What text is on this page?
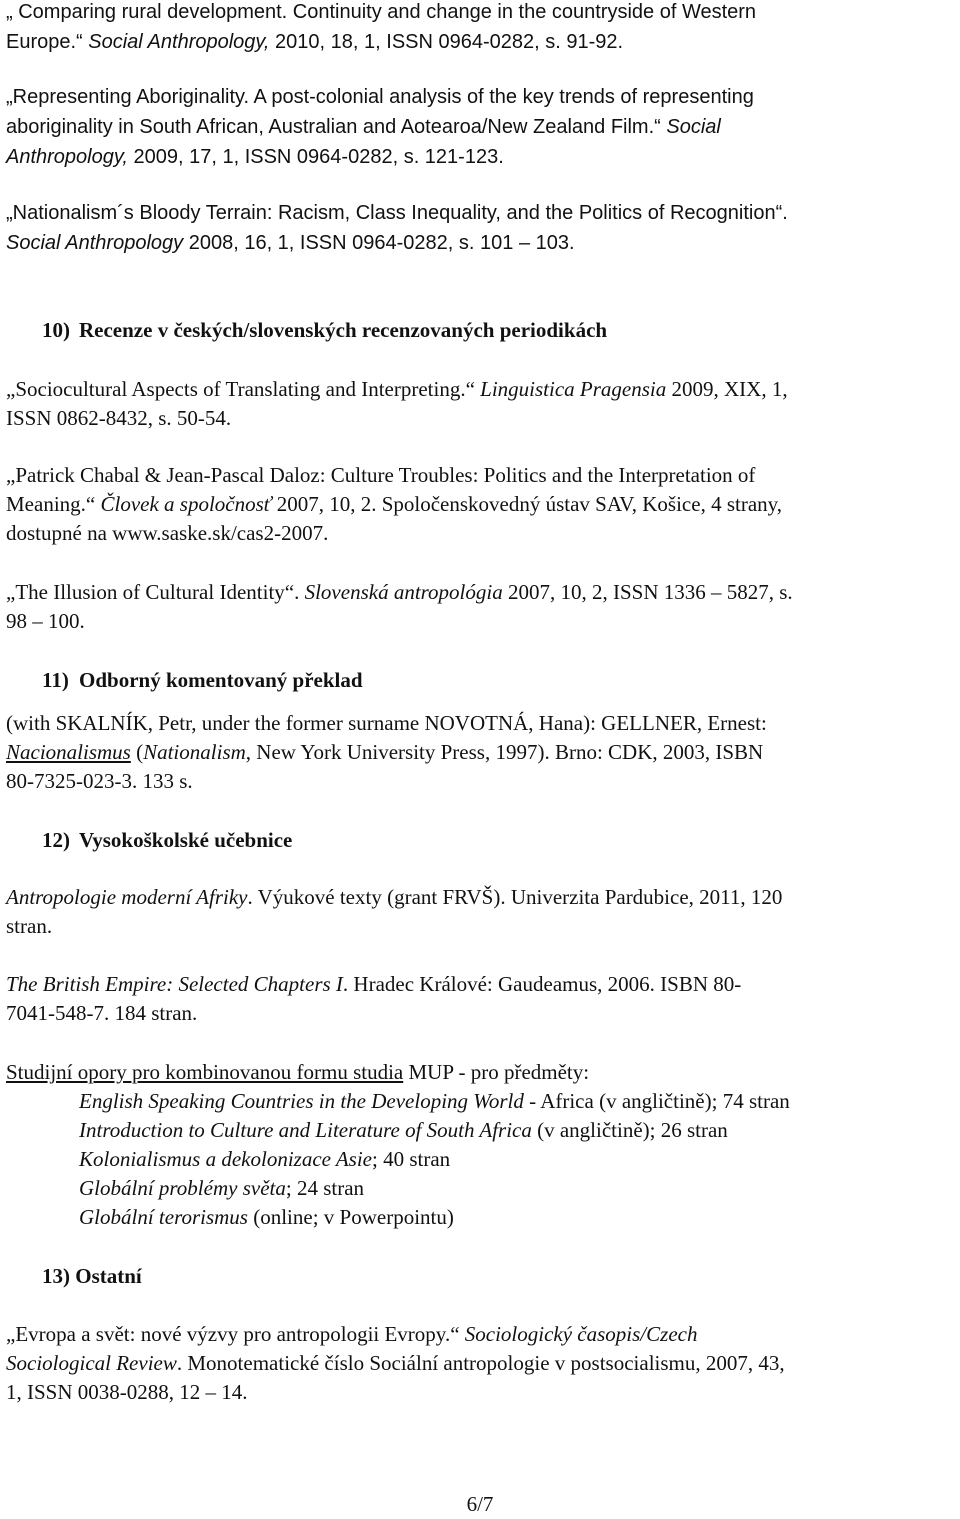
„ Comparing rural development. Continuity and change in the countryside of Western
Europe.“ Social Anthropology, 2010, 18, 1, ISSN 0964-0282, s. 91-92.
„Representing Aboriginality. A post-colonial analysis of the key trends of representing
aboriginality in South African, Australian and Aotearoa/New Zealand Film.“ Social
Anthropology, 2009, 17, 1, ISSN 0964-0282, s. 121-123.
„Nationalism´s Bloody Terrain: Racism, Class Inequality, and the Politics of Recognition“.
Social Anthropology 2008, 16, 1, ISSN 0964-0282, s. 101 – 103.
10) Recenze v českých/slovenských recenzovaných periodikách
„Sociocultural Aspects of Translating and Interpreting.“ Linguistica Pragensia 2009, XIX, 1,
ISSN 0862-8432, s. 50-54.
„Patrick Chabal & Jean-Pascal Daloz: Culture Troubles: Politics and the Interpretation of
Meaning.“ Človek a spoločnosť 2007, 10, 2. Spoločenskovedný ústav SAV, Košice, 4 strany,
dostupné na www.saske.sk/cas2-2007.
„The Illusion of Cultural Identity“. Slovenská antropológia 2007, 10, 2, ISSN 1336 – 5827, s.
98 – 100.
11) Odborný komentovaný překlad
(with SKALNÍK, Petr, under the former surname NOVOTNÁ, Hana): GELLNER, Ernest:
Nacionalismus (Nationalism, New York University Press, 1997). Brno: CDK, 2003, ISBN
80-7325-023-3. 133 s.
12) Vysokoškolské učebnice
Antropologie moderní Afriky. Výukové texty (grant FRVŠ). Univerzita Pardubice, 2011, 120
stran.
The British Empire: Selected Chapters I. Hradec Králové: Gaudeamus, 2006. ISBN 80-
7041-548-7. 184 stran.
Studijní opory pro kombinovanou formu studia MUP - pro předměty:
English Speaking Countries in the Developing World - Africa (v angličtině); 74 stran
Introduction to Culture and Literature of South Africa (v angličtině); 26 stran
Kolonialismus a dekolonizace Asie; 40 stran
Globální problémy světa; 24 stran
Globální terorismus (online; v Powerpointu)
13) Ostatní
„Evropa a svět: nové výzvy pro antropologii Evropy.“ Sociologický časopis/Czech
Sociological Review. Monotematické číslo Sociální antropologie v postsocialismu, 2007, 43,
1, ISSN 0038-0288, 12 – 14.
6/7
